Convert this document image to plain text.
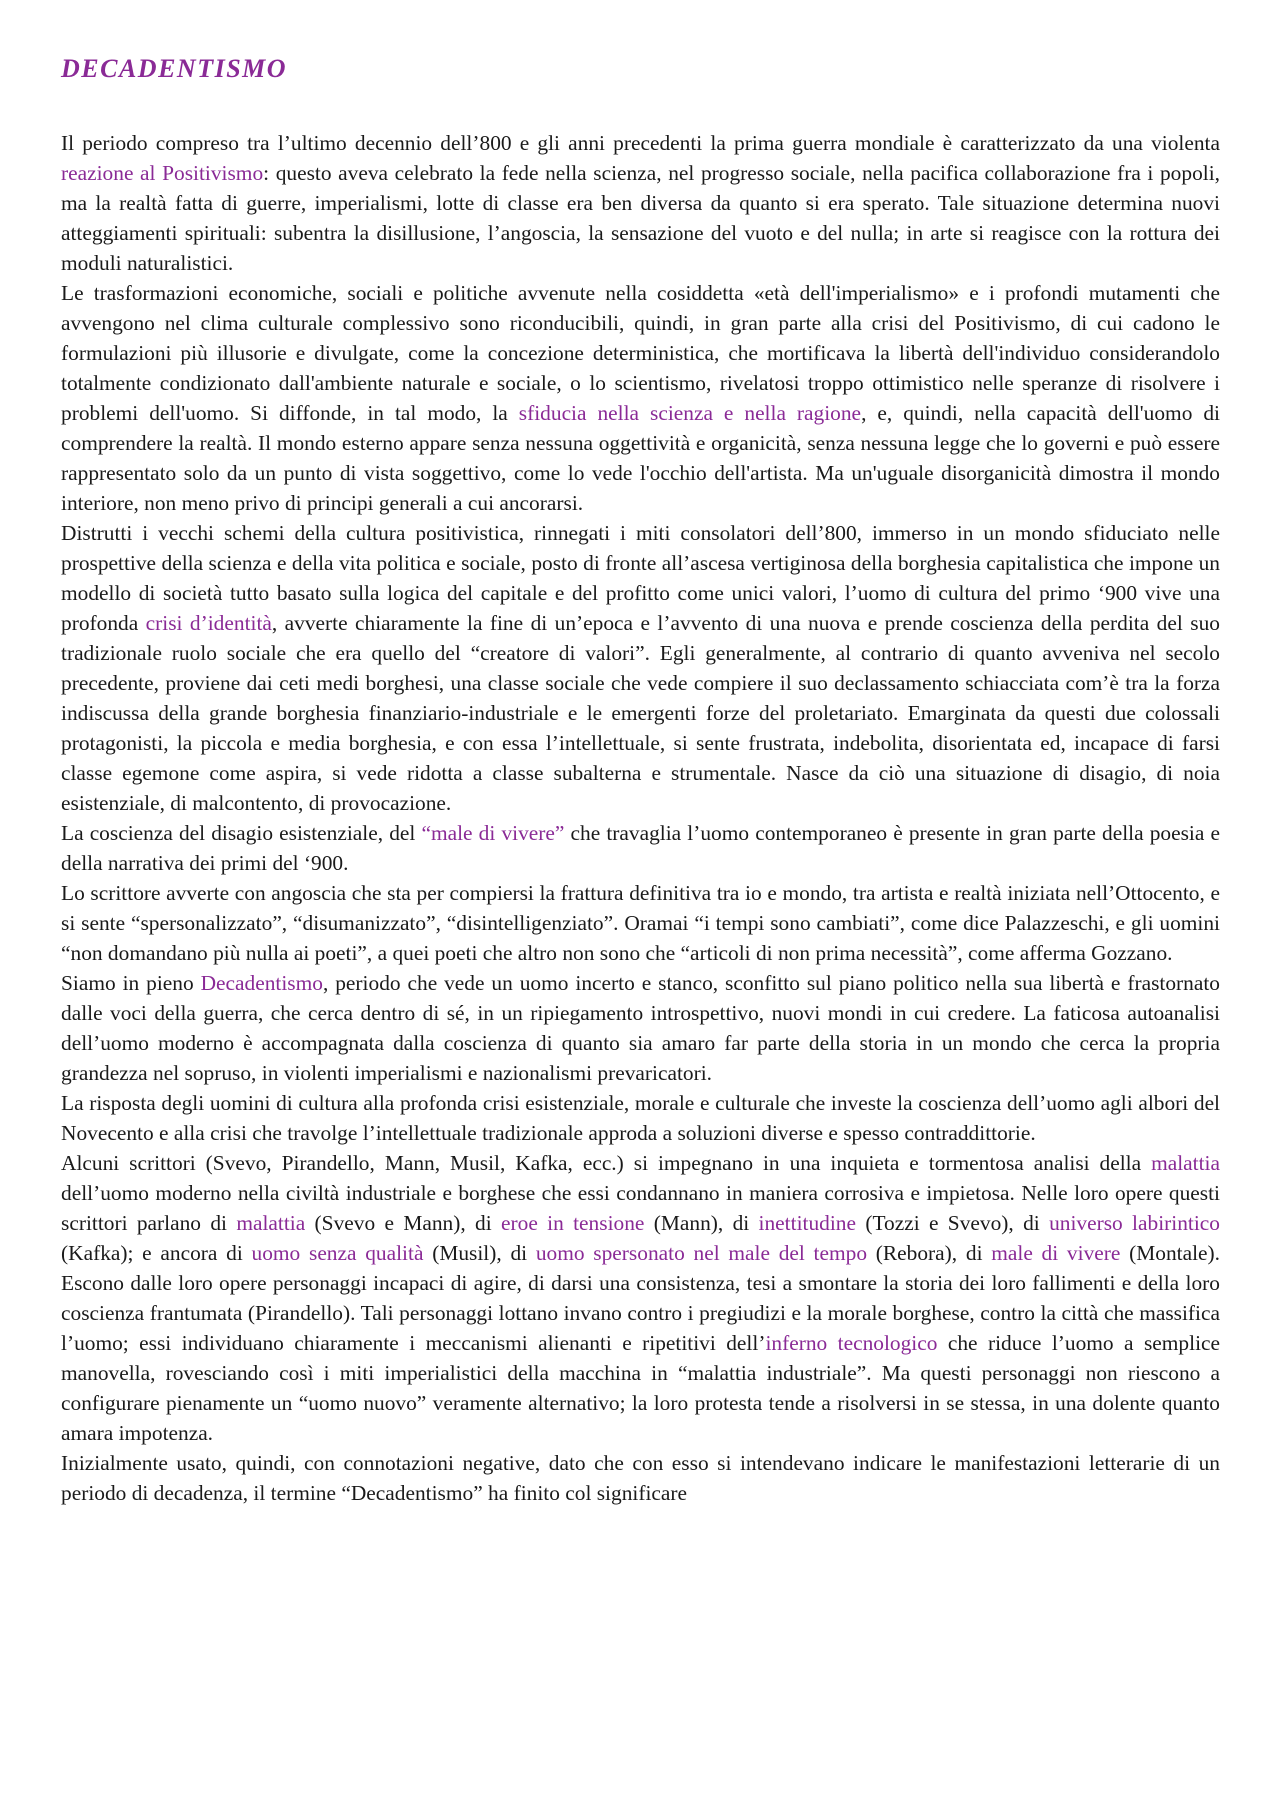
DECADENTISMO

Il periodo compreso tra l’ultimo decennio dell’800 e gli anni precedenti la prima guerra mondiale è caratterizzato da una violenta reazione al Positivismo: questo aveva celebrato la fede nella scienza, nel progresso sociale, nella pacifica collaborazione fra i popoli, ma la realtà fatta di guerre, imperialismi, lotte di classe era ben diversa da quanto si era sperato. Tale situazione determina nuovi atteggiamenti spirituali: subentra la disillusione, l’angoscia, la sensazione del vuoto e del nulla; in arte si reagisce con la rottura dei moduli naturalistici.

Le trasformazioni economiche, sociali e politiche avvenute nella cosiddetta «età dell'imperialismo» e i profondi mutamenti che avvengono nel clima culturale complessivo sono riconducibili, quindi, in gran parte alla crisi del Positivismo, di cui cadono le formulazioni più illusorie e divulgate, come la concezione deterministica, che mortificava la libertà dell'individuo considerandolo totalmente condizionato dall'ambiente naturale e sociale, o lo scientismo, rivelatosi troppo ottimistico nelle speranze di risolvere i problemi dell'uomo. Si diffonde, in tal modo, la sfiducia nella scienza e nella ragione, e, quindi, nella capacità dell'uomo di comprendere la realtà. Il mondo esterno appare senza nessuna oggettività e organicità, senza nessuna legge che lo governi e può essere rappresentato solo da un punto di vista soggettivo, come lo vede l'occhio dell'artista. Ma un'uguale disorganicità dimostra il mondo interiore, non meno privo di principi generali a cui ancorarsi.

Distrutti i vecchi schemi della cultura positivistica, rinnegati i miti consolatori dell’800, immerso in un mondo sfiduciato nelle prospettive della scienza e della vita politica e sociale, posto di fronte all’ascesa vertiginosa della borghesia capitalistica che impone un modello di società tutto basato sulla logica del capitale e del profitto come unici valori, l’uomo di cultura del primo ‘900 vive una profonda crisi d’identità, avverte chiaramente la fine di un’epoca e l’avvento di una nuova e prende coscienza della perdita del suo tradizionale ruolo sociale che era quello del “creatore di valori”. Egli generalmente, al contrario di quanto avveniva nel secolo precedente, proviene dai ceti medi borghesi, una classe sociale che vede compiere il suo declassamento schiacciata com’è tra la forza indiscussa della grande borghesia finanziario-industriale e le emergenti forze del proletariato. Emarginata da questi due colossali protagonisti, la piccola e media borghesia, e con essa l’intellettuale, si sente frustrata, indebolita, disorientata ed, incapace di farsi classe egemone come aspira, si vede ridotta a classe subalterna e strumentale. Nasce da ciò una situazione di disagio, di noia esistenziale, di malcontento, di provocazione.

La coscienza del disagio esistenziale, del “male di vivere” che travaglia l’uomo contemporaneo è presente in gran parte della poesia e della narrativa dei primi del ‘900.

Lo scrittore avverte con angoscia che sta per compiersi la frattura definitiva tra io e mondo, tra artista e realtà iniziata nell’Ottocento, e si sente “spersonalizzato”, “disumanizzato”, “disintelligenziato”. Oramai “i tempi sono cambiati”, come dice Palazzeschi, e gli uomini “non domandano più nulla ai poeti”, a quei poeti che altro non sono che “articoli di non prima necessità”, come afferma Gozzano.

Siamo in pieno Decadentismo, periodo che vede un uomo incerto e stanco, sconfitto sul piano politico nella sua libertà e frastornato dalle voci della guerra, che cerca dentro di sé, in un ripiegamento introspettivo, nuovi mondi in cui credere. La faticosa autoanalisi dell’uomo moderno è accompagnata dalla coscienza di quanto sia amaro far parte della storia in un mondo che cerca la propria grandezza nel sopruso, in violenti imperialismi e nazionalismi prevaricatori.

La risposta degli uomini di cultura alla profonda crisi esistenziale, morale e culturale che investe la coscienza dell’uomo agli albori del Novecento e alla crisi che travolge l’intellettuale tradizionale approda a soluzioni diverse e spesso contraddittorie.

Alcuni scrittori (Svevo, Pirandello, Mann, Musil, Kafka, ecc.) si impegnano in una inquieta e tormentosa analisi della malattia dell’uomo moderno nella civiltà industriale e borghese che essi condannano in maniera corrosiva e impietosa. Nelle loro opere questi scrittori parlano di malattia (Svevo e Mann), di eroe in tensione (Mann), di inettitudine (Tozzi e Svevo), di universo labirintico (Kafka); e ancora di uomo senza qualità (Musil), di uomo spersonato nel male del tempo (Rebora), di male di vivere (Montale). Escono dalle loro opere personaggi incapaci di agire, di darsi una consistenza, tesi a smontare la storia dei loro fallimenti e della loro coscienza frantumata (Pirandello). Tali personaggi lottano invano contro i pregiudizi e la morale borghese, contro la città che massifica l’uomo; essi individuano chiaramente i meccanismi alienanti e ripetitivi dell’inferno tecnologico che riduce l’uomo a semplice manovella, rovesciando così i miti imperialistici della macchina in “malattia industriale”. Ma questi personaggi non riescono a configurare pienamente un “uomo nuovo” veramente alternativo; la loro protesta tende a risolversi in se stessa, in una dolente quanto amara impotenza.

Inizialmente usato, quindi, con connotazioni negative, dato che con esso si intendevano indicare le manifestazioni letterarie di un periodo di decadenza, il termine “Decadentismo” ha finito col significare
